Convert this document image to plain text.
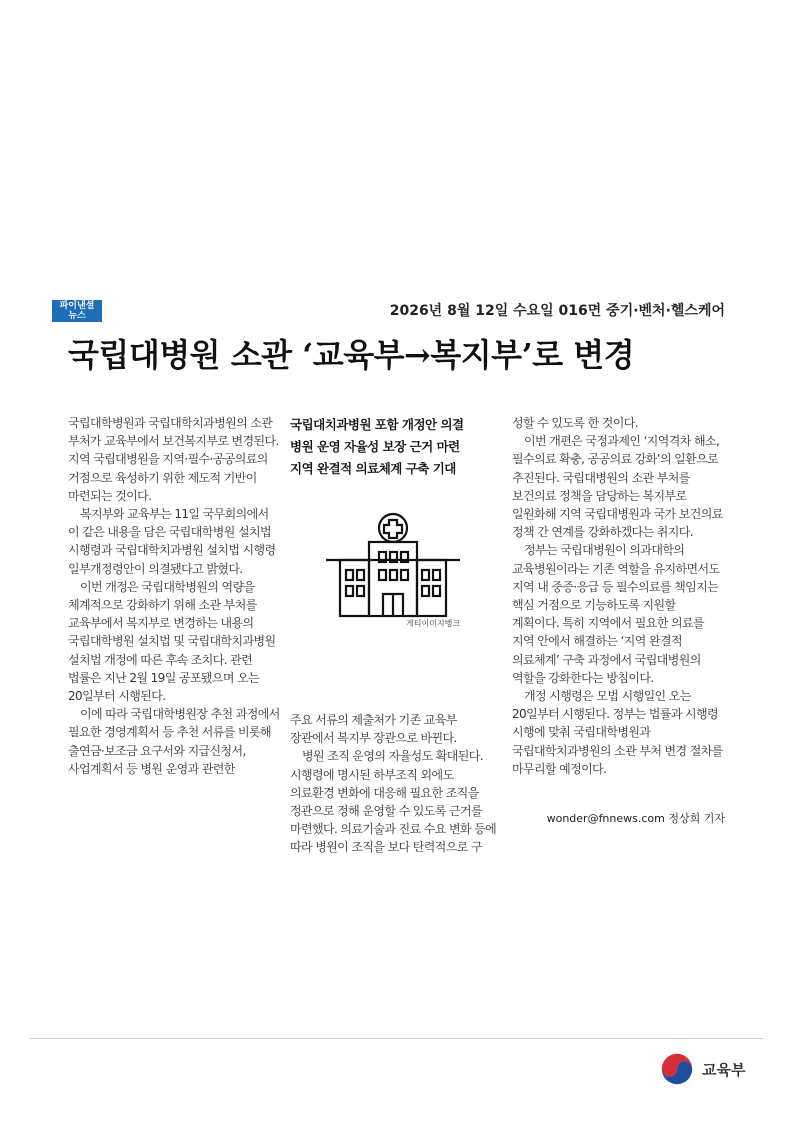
파이낸셜
뉴스	2026년 8월 12일 수요일 016면 중기·벤처·헬스케어
국립대병원 소관 ‘교육부→복지부’로 변경

국립대학병원과 국립대학치과병원의 소관 부처가 교육부에서 보건복지부로 변경된다. 지역 국립대병원을 지역·필수·공공의료의 거점으로 육성하기 위한 제도적 기반이 마련되는 것이다.

복지부와 교육부는 11일 국무회의에서 이 같은 내용을 담은 국립대학병원 설치법 시행령과 국립대학치과병원 설치법 시행령 일부개정령안이 의결됐다고 밝혔다.

이번 개정은 국립대학병원의 역량을 체계적으로 강화하기 위해 소관 부처를 교육부에서 복지부로 변경하는 내용의 국립대학병원 설치법 및 국립대학치과병원 설치법 개정에 따른 후속 조치다. 관련 법률은 지난 2월 19일 공포됐으며 오는 20일부터 시행된다.

이에 따라 국립대학병원장 추천 과정에서 필요한 경영계획서 등 추천 서류를 비롯해 출연금·보조금 요구서와 지급신청서, 사업계획서 등 병원 운영과 관련한

국립대치과병원 포함 개정안 의결
병원 운영 자율성 보장 근거 마련
지역 완결적 의료체계 구축 기대
게티이미지뱅크

주요 서류의 제출처가 기존 교육부 장관에서 복지부 장관으로 바뀐다.

병원 조직 운영의 자율성도 확대된다. 시행령에 명시된 하부조직 외에도 의료환경 변화에 대응해 필요한 조직을 정관으로 정해 운영할 수 있도록 근거를 마련했다. 의료기술과 진료 수요 변화 등에 따라 병원이 조직을 보다 탄력적으로 구

성할 수 있도록 한 것이다.

이번 개편은 국정과제인 ‘지역격차 해소, 필수의료 확충, 공공의료 강화’의 일환으로 추진된다. 국립대병원의 소관 부처를 보건의료 정책을 담당하는 복지부로 일원화해 지역 국립대병원과 국가 보건의료 정책 간 연계를 강화하겠다는 취지다.

정부는 국립대병원이 의과대학의 교육병원이라는 기존 역할을 유지하면서도 지역 내 중증·응급 등 필수의료를 책임지는 핵심 거점으로 기능하도록 지원할 계획이다. 특히 지역에서 필요한 의료를 지역 안에서 해결하는 ‘지역 완결적 의료체계’ 구축 과정에서 국립대병원의 역할을 강화한다는 방침이다.

개정 시행령은 모법 시행일인 오는 20일부터 시행된다. 정부는 법률과 시행령 시행에 맞춰 국립대학병원과 국립대학치과병원의 소관 부처 변경 절차를 마무리할 예정이다.

wonder@fnnews.com 정상희 기자
교육부
